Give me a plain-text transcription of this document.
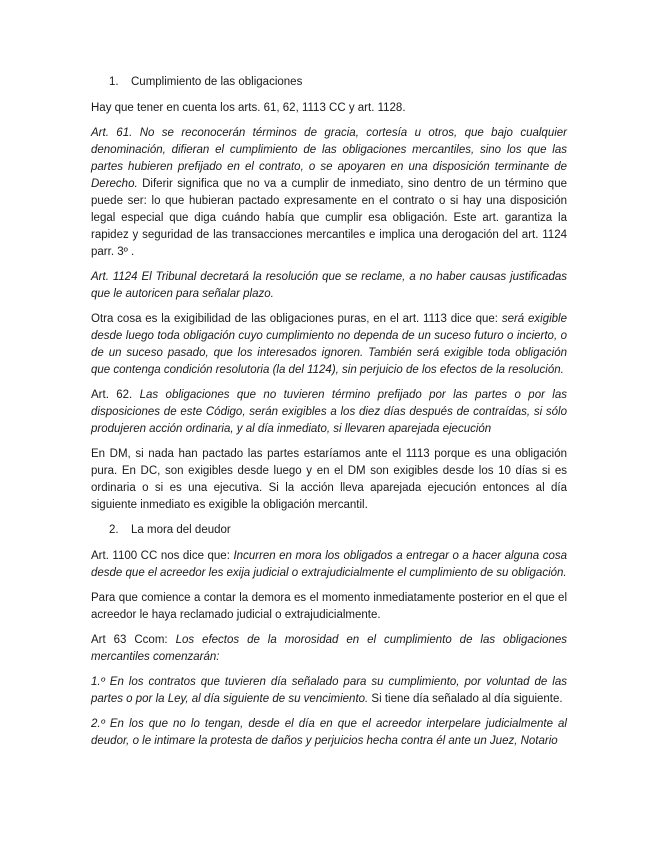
1. Cumplimiento de las obligaciones

Hay que tener en cuenta los arts. 61, 62, 1113 CC y art. 1128.

Art. 61. No se reconocerán términos de gracia, cortesía u otros, que bajo cualquier denominación, difieran el cumplimiento de las obligaciones mercantiles, sino los que las partes hubieren prefijado en el contrato, o se apoyaren en una disposición terminante de Derecho. Diferir significa que no va a cumplir de inmediato, sino dentro de un término que puede ser: lo que hubieran pactado expresamente en el contrato o si hay una disposición legal especial que diga cuándo había que cumplir esa obligación. Este art. garantiza la rapidez y seguridad de las transacciones mercantiles e implica una derogación del art. 1124 parr. 3º .

Art. 1124 El Tribunal decretará la resolución que se reclame, a no haber causas justificadas que le autoricen para señalar plazo.

Otra cosa es la exigibilidad de las obligaciones puras, en el art. 1113 dice que: será exigible desde luego toda obligación cuyo cumplimiento no dependa de un suceso futuro o incierto, o de un suceso pasado, que los interesados ignoren. También será exigible toda obligación que contenga condición resolutoria (la del 1124), sin perjuicio de los efectos de la resolución.

Art. 62. Las obligaciones que no tuvieren término prefijado por las partes o por las disposiciones de este Código, serán exigibles a los diez días después de contraídas, si sólo produjeren acción ordinaria, y al día inmediato, si llevaren aparejada ejecución

En DM, si nada han pactado las partes estaríamos ante el 1113 porque es una obligación pura. En DC, son exigibles desde luego y en el DM son exigibles desde los 10 días si es ordinaria o si es una ejecutiva. Si la acción lleva aparejada ejecución entonces al día siguiente inmediato es exigible la obligación mercantil.

2. La mora del deudor

Art. 1100 CC nos dice que: Incurren en mora los obligados a entregar o a hacer alguna cosa desde que el acreedor les exija judicial o extrajudicialmente el cumplimiento de su obligación.

Para que comience a contar la demora es el momento inmediatamente posterior en el que el acreedor le haya reclamado judicial o extrajudicialmente.

Art 63 Ccom: Los efectos de la morosidad en el cumplimiento de las obligaciones mercantiles comenzarán:

1.º En los contratos que tuvieren día señalado para su cumplimiento, por voluntad de las partes o por la Ley, al día siguiente de su vencimiento. Si tiene día señalado al día siguiente.

2.º En los que no lo tengan, desde el día en que el acreedor interpelare judicialmente al deudor, o le intimare la protesta de daños y perjuicios hecha contra él ante un Juez, Notario
